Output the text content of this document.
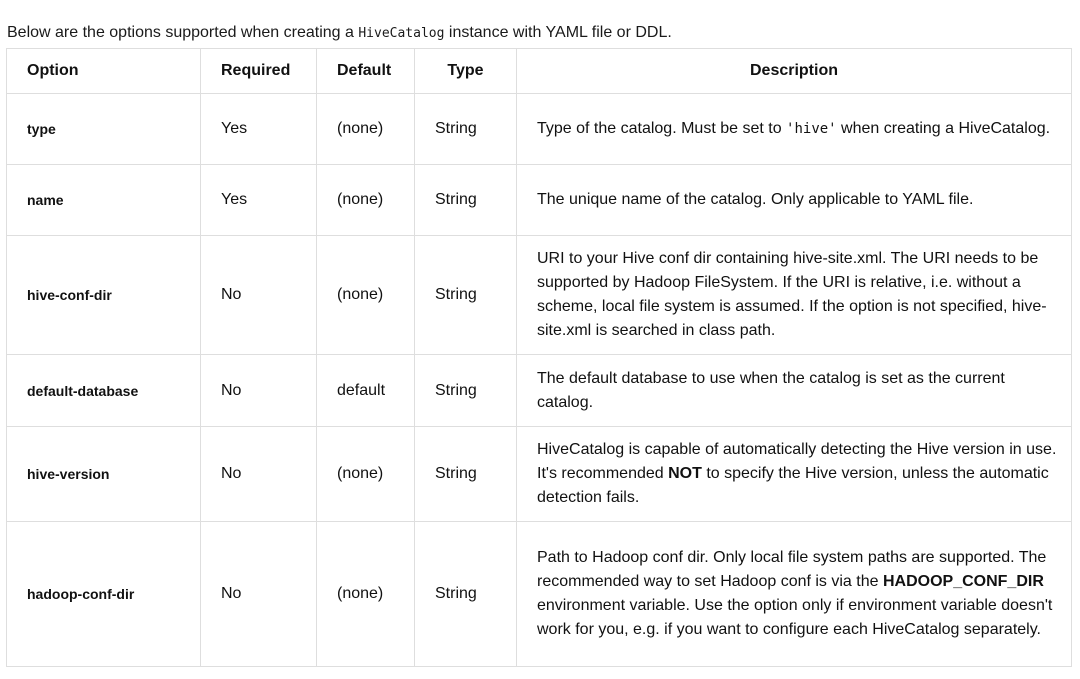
Below are the options supported when creating a HiveCatalog instance with YAML file or DDL.

Option	Required	Default	Type	Description
type	Yes	(none)	String	Type of the catalog. Must be set to 'hive' when creating a HiveCatalog.
name	Yes	(none)	String	The unique name of the catalog. Only applicable to YAML file.
hive-conf-dir	No	(none)	String	URI to your Hive conf dir containing hive-site.xml. The URI needs to be supported by Hadoop FileSystem. If the URI is relative, i.e. without a scheme, local file system is assumed. If the option is not specified, hive-site.xml is searched in class path.
default-database	No	default	String	The default database to use when the catalog is set as the current catalog.
hive-version	No	(none)	String	HiveCatalog is capable of automatically detecting the Hive version in use. It's recommended NOT to specify the Hive version, unless the automatic detection fails.
hadoop-conf-dir	No	(none)	String	Path to Hadoop conf dir. Only local file system paths are supported. The recommended way to set Hadoop conf is via the HADOOP_CONF_DIR environment variable. Use the option only if environment variable doesn't work for you, e.g. if you want to configure each HiveCatalog separately.
